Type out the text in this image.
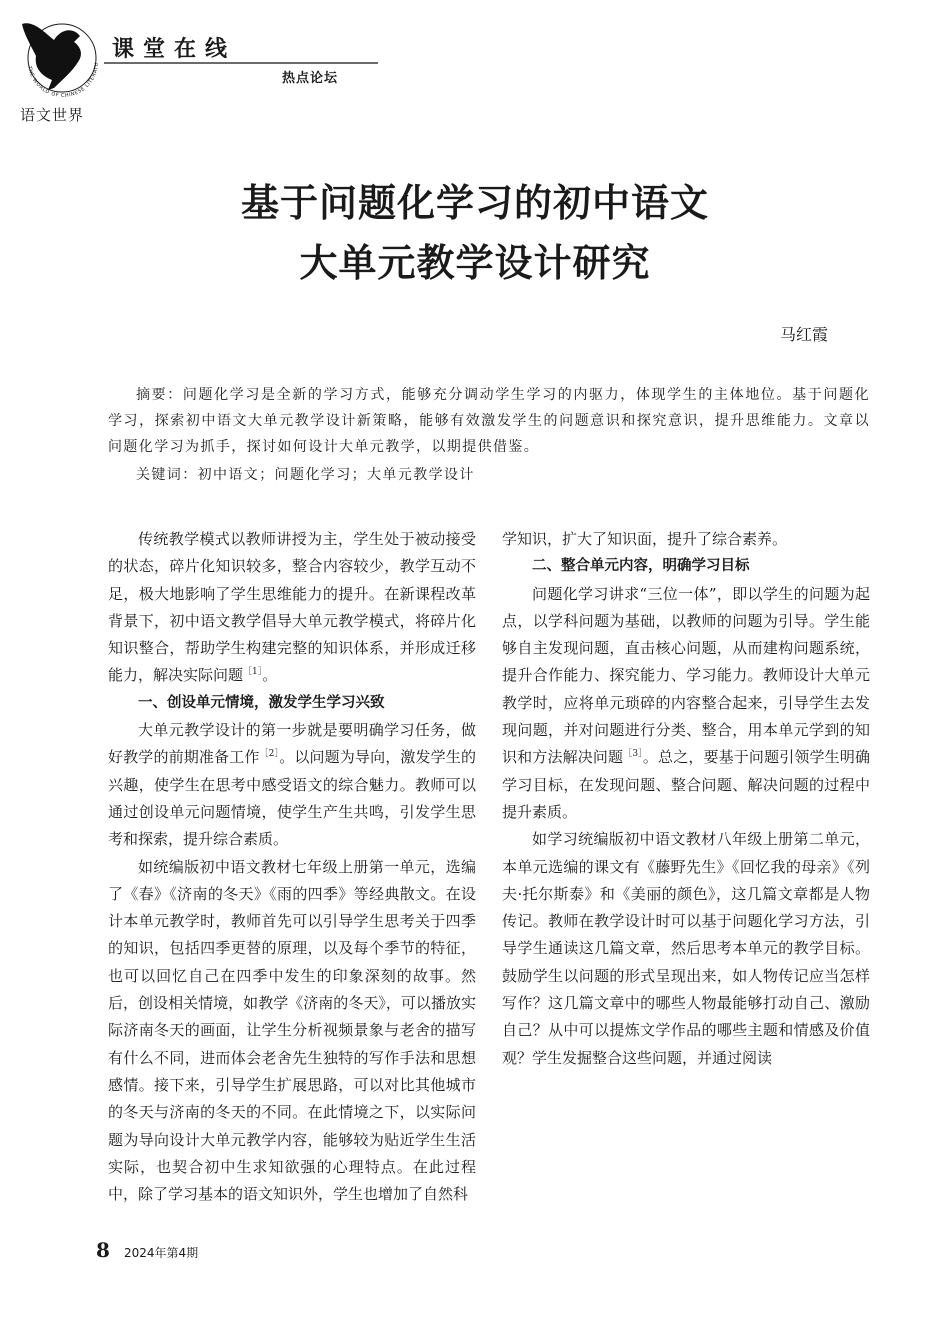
THE WORLD OF CHINESE LITERATU
语文世界
课堂在线
热点论坛
基于问题化学习的初中语文
大单元教学设计研究
马红霞

摘要：问题化学习是全新的学习方式，能够充分调动学生学习的内驱力，体现学生的主体地位。基于问题化学习，探索初中语文大单元教学设计新策略，能够有效激发学生的问题意识和探究意识，提升思维能力。文章以问题化学习为抓手，探讨如何设计大单元教学，以期提供借鉴。

关键词：初中语文；问题化学习；大单元教学设计

传统教学模式以教师讲授为主，学生处于被动接受的状态，碎片化知识较多，整合内容较少，教学互动不足，极大地影响了学生思维能力的提升。在新课程改革背景下，初中语文教学倡导大单元教学模式，将碎片化知识整合，帮助学生构建完整的知识体系，并形成迁移能力，解决实际问题$^{[1]}$。

一、创设单元情境，激发学生学习兴致

大单元教学设计的第一步就是要明确学习任务，做好教学的前期准备工作$^{[2]}$。以问题为导向，激发学生的兴趣，使学生在思考中感受语文的综合魅力。教师可以通过创设单元问题情境，使学生产生共鸣，引发学生思考和探索，提升综合素质。

如统编版初中语文教材七年级上册第一单元，选编了《春》《济南的冬天》《雨的四季》等经典散文。在设计本单元教学时，教师首先可以引导学生思考关于四季的知识，包括四季更替的原理，以及每个季节的特征，也可以回忆自己在四季中发生的印象深刻的故事。然后，创设相关情境，如教学《济南的冬天》，可以播放实际济南冬天的画面，让学生分析视频景象与老舍的描写有什么不同，进而体会老舍先生独特的写作手法和思想感情。接下来，引导学生扩展思路，可以对比其他城市的冬天与济南的冬天的不同。在此情境之下，以实际问题为导向设计大单元教学内容，能够较为贴近学生生活实际，也契合初中生求知欲强的心理特点。在此过程中，除了学习基本的语文知识外，学生也增加了自然科

学知识，扩大了知识面，提升了综合素养。

二、整合单元内容，明确学习目标

问题化学习讲求“三位一体”，即以学生的问题为起点，以学科问题为基础，以教师的问题为引导。学生能够自主发现问题，直击核心问题，从而建构问题系统，提升合作能力、探究能力、学习能力。教师设计大单元教学时，应将单元琐碎的内容整合起来，引导学生去发现问题，并对问题进行分类、整合，用本单元学到的知识和方法解决问题$^{[3]}$。总之，要基于问题引领学生明确学习目标，在发现问题、整合问题、解决问题的过程中提升素质。

如学习统编版初中语文教材八年级上册第二单元，本单元选编的课文有《藤野先生》《回忆我的母亲》《列夫·托尔斯泰》和《美丽的颜色》，这几篇文章都是人物传记。教师在教学设计时可以基于问题化学习方法，引导学生通读这几篇文章，然后思考本单元的教学目标。鼓励学生以问题的形式呈现出来，如人物传记应当怎样写作？这几篇文章中的哪些人物最能够打动自己、激励自己？从中可以提炼文学作品的哪些主题和情感及价值观？学生发掘整合这些问题，并通过阅读

8 2024年第4期
